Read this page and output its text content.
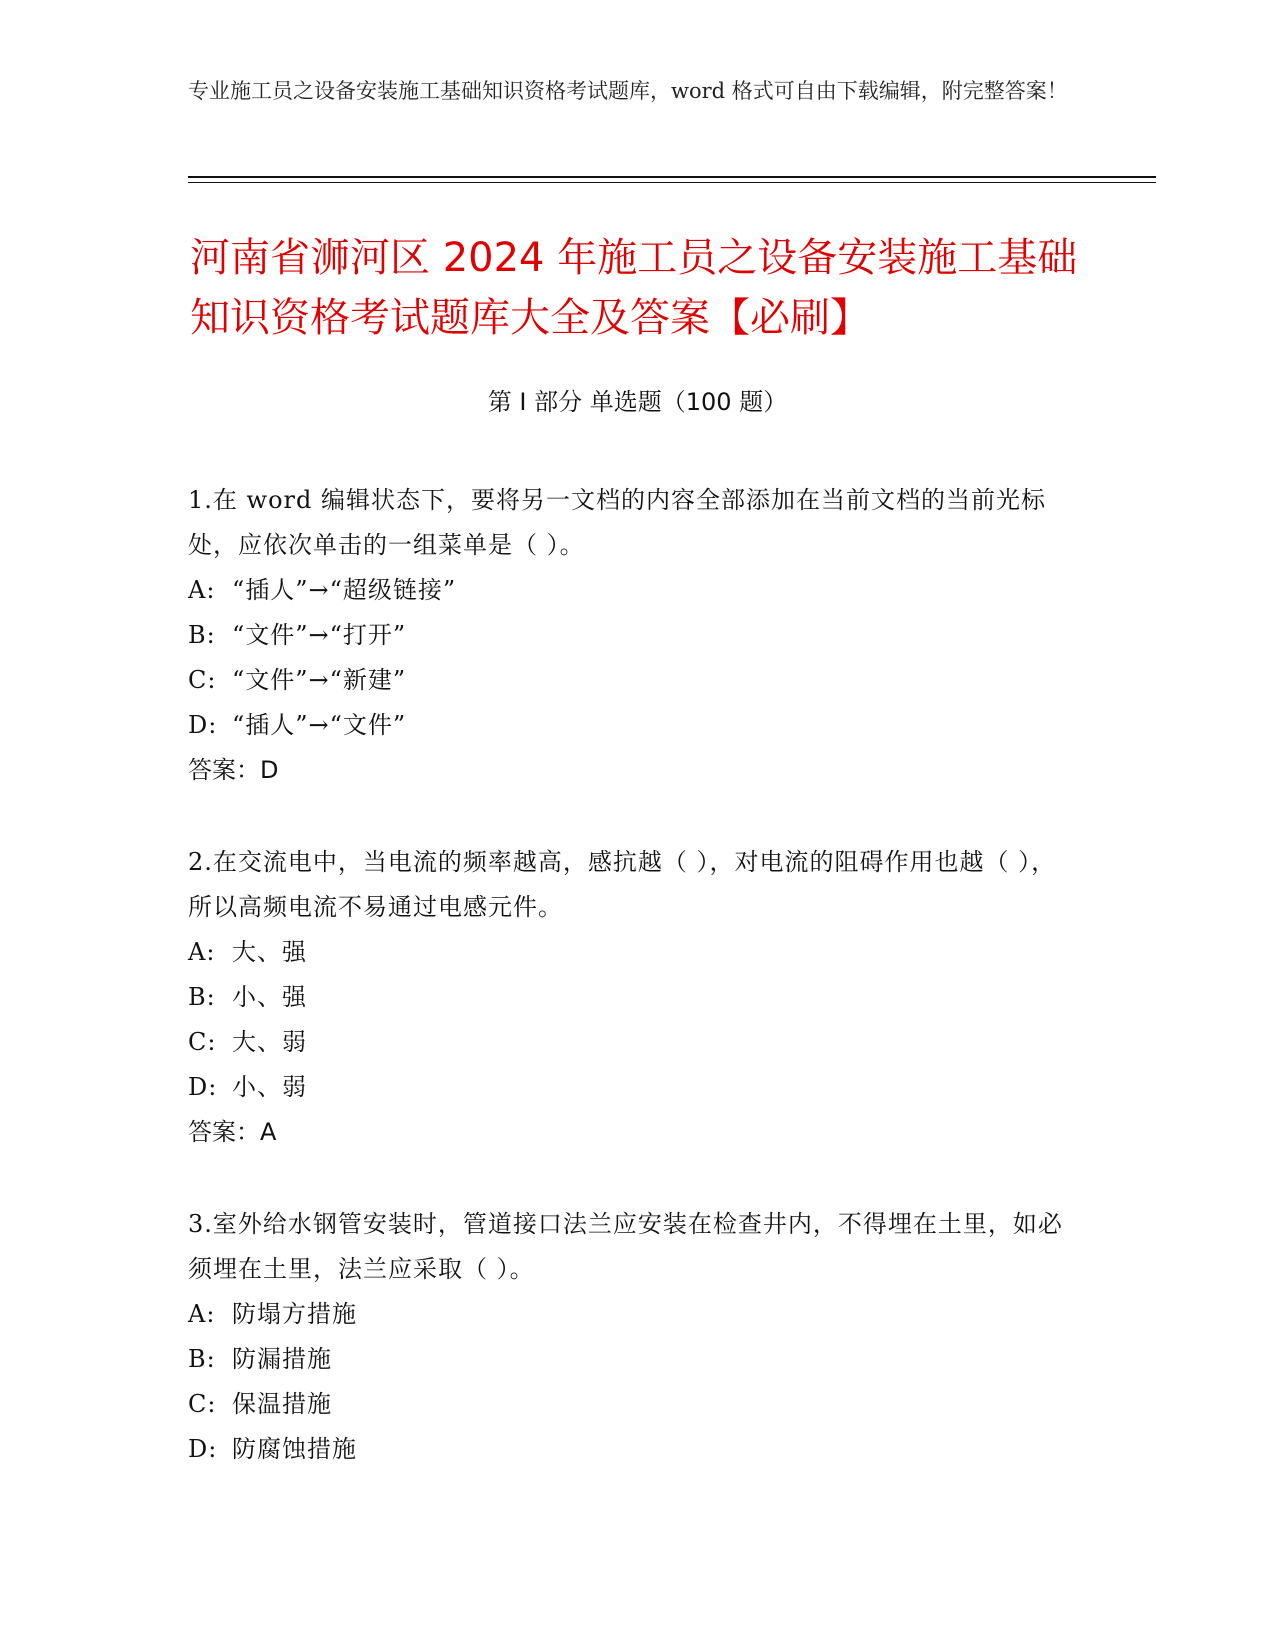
专业施工员之设备安装施工基础知识资格考试题库，word 格式可自由下载编辑，附完整答案！
河南省浉河区 2024 年施工员之设备安装施工基础知识资格考试题库大全及答案【必刷】
第 I 部分 单选题（100 题）
1.在 word 编辑状态下，要将另一文档的内容全部添加在当前文档的当前光标处，应依次单击的一组菜单是（ ）。
A: “插人”→“超级链接”
B: “文件”→“打开”
C: “文件”→“新建”
D: “插人”→“文件”
答案：D
2.在交流电中，当电流的频率越高，感抗越（ ），对电流的阻碍作用也越（ ），所以高频电流不易通过电感元件。
A: 大、强
B: 小、强
C: 大、弱
D: 小、弱
答案：A
3.室外给水钢管安装时，管道接口法兰应安装在检查井内，不得埋在土里，如必须埋在土里，法兰应采取（ ）。
A: 防塌方措施
B: 防漏措施
C: 保温措施
D: 防腐蚀措施
